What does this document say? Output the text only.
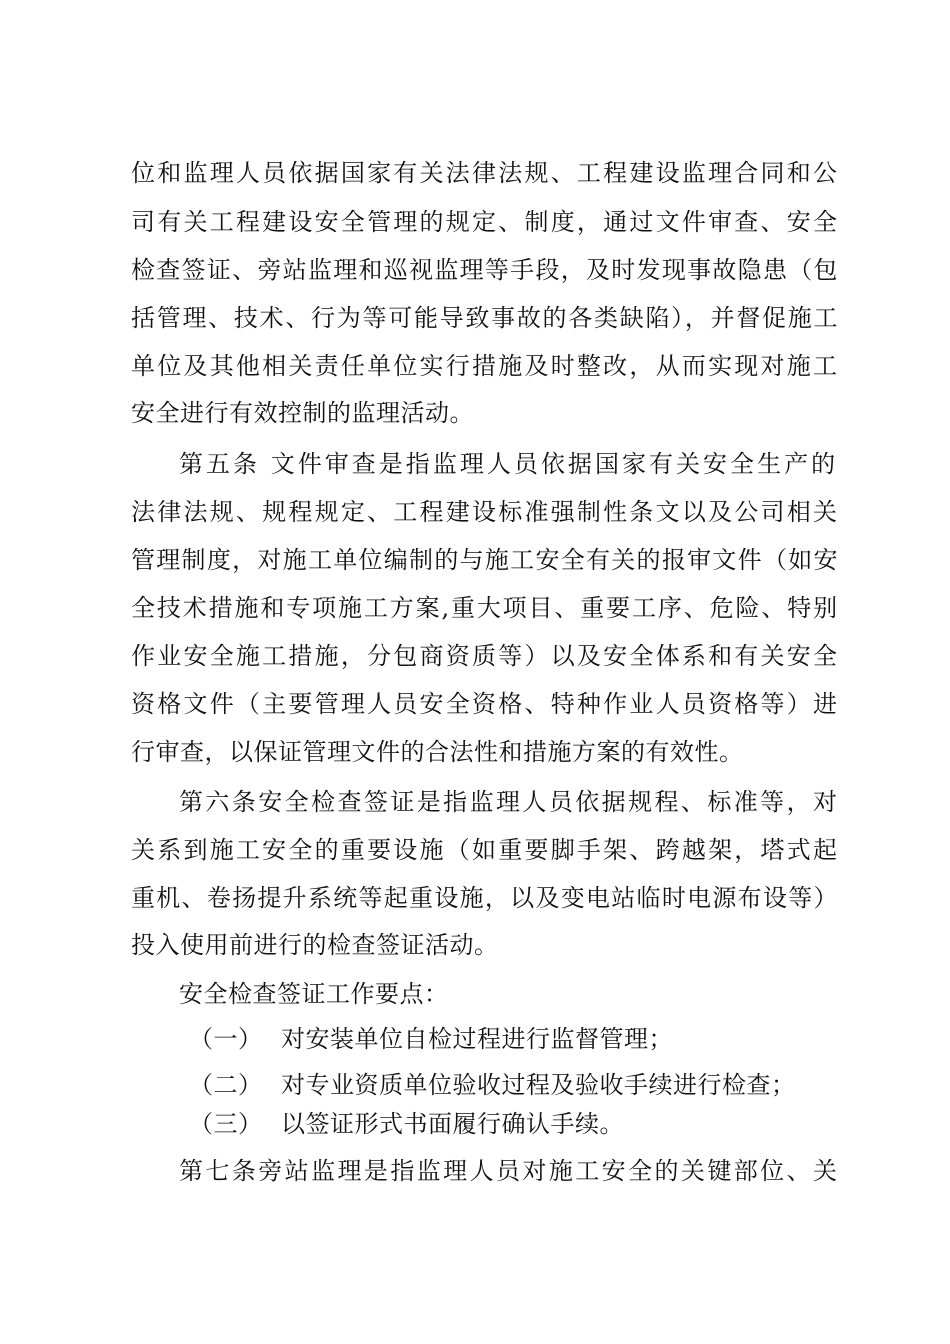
位和监理人员依据国家有关法律法规、工程建设监理合同和公
司有关工程建设安全管理的规定、制度，通过文件审查、安全
检查签证、旁站监理和巡视监理等手段，及时发现事故隐患（包
括管理、技术、行为等可能导致事故的各类缺陷），并督促施工
单位及其他相关责任单位实行措施及时整改，从而实现对施工
安全进行有效控制的监理活动。
第五条 文件审查是指监理人员依据国家有关安全生产的
法律法规、规程规定、工程建设标准强制性条文以及公司相关
管理制度，对施工单位编制的与施工安全有关的报审文件（如安
全技术措施和专项施工方案,重大项目、重要工序、危险、特别
作业安全施工措施，分包商资质等）以及安全体系和有关安全
资格文件（主要管理人员安全资格、特种作业人员资格等）进
行审查，以保证管理文件的合法性和措施方案的有效性。
第六条安全检查签证是指监理人员依据规程、标准等，对
关系到施工安全的重要设施（如重要脚手架、跨越架，塔式起
重机、卷扬提升系统等起重设施，以及变电站临时电源布设等）
投入使用前进行的检查签证活动。
安全检查签证工作要点：
（一） 对安装单位自检过程进行监督管理；
（二） 对专业资质单位验收过程及验收手续进行检查；
（三） 以签证形式书面履行确认手续。
第七条旁站监理是指监理人员对施工安全的关键部位、关
